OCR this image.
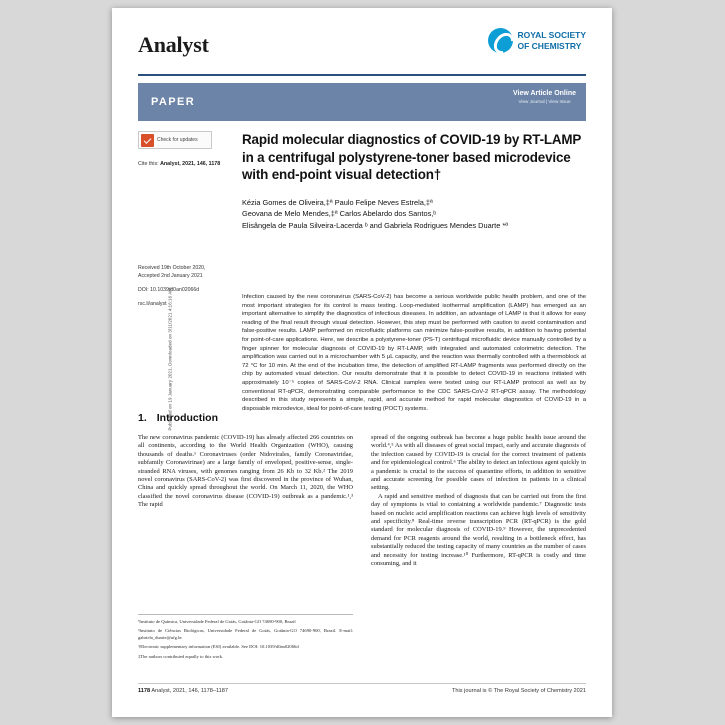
Published on 19 January 2021. Downloaded on 3/11/2021 4:16:16 AM.
Analyst	ROYAL SOCIETY
OF CHEMISTRY
PAPER
View Article Online
View Journal | View Issue
Check for updates
Cite this: Analyst, 2021, 146, 1178
Rapid molecular diagnostics of COVID-19 by RT-LAMP in a centrifugal polystyrene-toner based microdevice with end-point visual detection†
Kézia Gomes de Oliveira,‡ª Paulo Felipe Neves Estrela,‡ª
Geovana de Melo Mendes,‡ª Carlos Abelardo dos Santos,ᵇ
Elisângela de Paula Silveira-Lacerda ᵇ and Gabriela Rodrigues Mendes Duarte *ª
Infection caused by the new coronavirus (SARS-CoV-2) has become a serious worldwide public health problem, and one of the most important strategies for its control is mass testing. Loop-mediated isothermal amplification (LAMP) has emerged as an important alternative to simplify the diagnostics of infectious diseases. In addition, an advantage of LAMP is that it allows for easy reading of the final result through visual detection. However, this step must be performed with caution to avoid contamination and false-positive results. LAMP performed on microfluidic platforms can minimize false-positive results, in addition to having potential for point-of-care applications. Here, we describe a polystyrene-toner (PS-T) centrifugal microfluidic device manually controlled by a finger spinner for molecular diagnosis of COVID-19 by RT-LAMP, with integrated and automated colorimetric detection. The amplification was carried out in a microchamber with 5 μL capacity, and the reaction was thermally controlled with a thermoblock at 72 °C for 10 min. At the end of the incubation time, the detection of amplified RT-LAMP fragments was performed directly on the chip by automated visual detection. Our results demonstrate that it is possible to detect COVID-19 in reactions initiated with approximately 10⁻⁵ copies of SARS-CoV-2 RNA. Clinical samples were tested using our RT-LAMP protocol as well as by conventional RT-qPCR, demonstrating comparable performance to the CDC SARS-CoV-2 RT-qPCR assay. The methodology described in this study represents a simple, rapid, and accurate method for rapid molecular diagnostics of COVID-19 in a disposable microdevice, ideal for point-of-care testing (POCT) systems.
Received 19th October 2020,
Accepted 2nd January 2021
DOI: 10.1039/d0an02066d
rsc.li/analyst
1. Introduction

The new coronavirus pandemic (COVID-19) has already affected 266 countries on all continents, according to the World Health Organization (WHO), causing thousands of deaths.¹ Coronaviruses (order Nidovirales, family Coronaviridae, subfamily Coronavirinae) are a large family of enveloped, positive-sense, single-stranded RNA viruses, with genomes ranging from 26 Kb to 32 Kb.² The 2019 novel coronavirus (SARS-CoV-2) was first discovered in the province of Wuhan, China and quickly spread throughout the world. On March 11, 2020, the WHO classified the novel coronavirus disease (COVID-19) outbreak as a pandemic.¹,³ The rapid

spread of the ongoing outbreak has become a huge public health issue around the world.⁴,⁵ As with all diseases of great social impact, early and accurate diagnosis of the infection caused by COVID-19 is crucial for the correct treatment of patients and for epidemiological control.⁶ The ability to detect an infectious agent quickly in a pandemic is crucial to the success of quarantine efforts, in addition to sensitive and accurate screening for possible cases of infection in patients in a clinical setting.

A rapid and sensitive method of diagnosis that can be carried out from the first day of symptoms is vital to containing a worldwide pandemic.⁷ Diagnostic tests based on nucleic acid amplification reactions can achieve high levels of sensitivity and specificity.⁸ Real-time reverse transcription PCR (RT-qPCR) is the gold standard for molecular diagnosis of COVID-19.⁹ However, the unprecedented demand for PCR reagents around the world, resulting in a bottleneck effect, has substantially reduced the testing capacity of many countries as the number of cases and necessity for testing increase.¹⁰ Furthermore, RT-qPCR is costly and time consuming, and it

ªInstituto de Química, Universidade Federal de Goiás, Goiânia-GO 74690-900, Brazil

ᵇInstituto de Ciências Biológicas, Universidade Federal de Goiás, Goiânia-GO 74690-900, Brazil. E-mail: gabriela_duarte@ufg.br

†Electronic supplementary information (ESI) available. See DOI: 10.1039/d0an02066d

‡The authors contributed equally to this work.

1178 Analyst, 2021, 146, 1178–1187	This journal is © The Royal Society of Chemistry 2021
